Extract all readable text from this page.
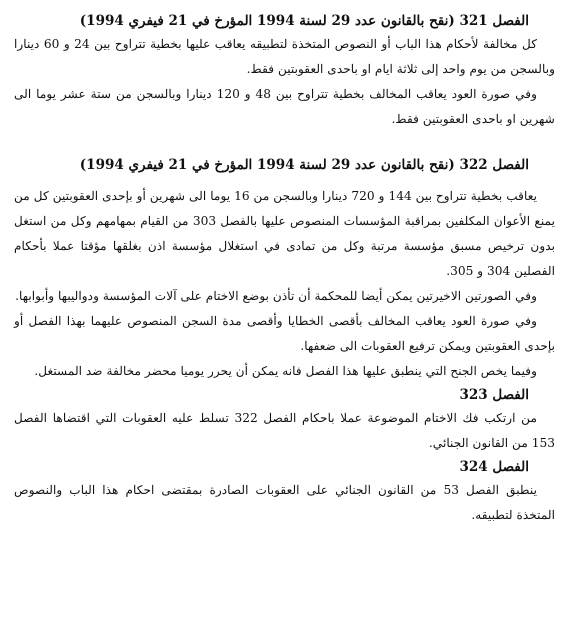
الفصل 321 (نقح بالقانون عدد 29 لسنة 1994 المؤرخ في 21 فيفري 1994)

كل مخالفة لأحكام هذا الباب أو النصوص المتخذة لتطبيقه يعاقب عليها بخطية تتراوح بين 24 و 60 دينارا وبالسجن من يوم واحد إلى ثلاثة ايام او باحدى العقوبتين فقط.

وفي صورة العود يعاقب المخالف بخطية تتراوح بين 48 و 120 دينارا وبالسجن من ستة عشر يوما الى شهرين او باحدى العقوبتين فقط.

الفصل 322 (نقح بالقانون عدد 29 لسنة 1994 المؤرخ في 21 فيفري 1994)

يعاقب بخطية تتراوح بين 144 و 720 دينارا وبالسجن من 16 يوما الى شهرين أو بإحدى العقوبتين كل من يمنع الأعوان المكلفين بمراقبة المؤسسات المنصوص عليها بالفصل 303 من القيام بمهامهم وكل من استغل بدون ترخيص مسبق مؤسسة مرتبة وكل من تمادى في استغلال مؤسسة اذن بغلقها مؤقتا عملا بأحكام الفصلين 304 و 305.

وفي الصورتين الاخيرتين يمكن أيضا للمحكمة أن تأذن بوضع الاختام على آلات المؤسسة ودواليبها وأبوابها.

وفي صورة العود يعاقب المخالف بأقصى الخطايا وأقصى مدة السجن المنصوص عليهما بهذا الفصل أو بإحدى العقوبتين ويمكن ترفيع العقوبات الى ضعفها.

وفيما يخص الجنح التي ينطبق عليها هذا الفصل فانه يمكن أن يحرر يوميا محضر مخالفة ضد المستغل.

الفصل 323

من ارتكب فك الاختام الموضوعة عملا باحكام الفصل 322 تسلط عليه العقوبات التي اقتضاها الفصل 153 من القانون الجنائي.

الفصل 324

ينطبق الفصل 53 من القانون الجنائي على العقوبات الصادرة بمقتضى احكام هذا الباب والنصوص المتخذة لتطبيقه.
